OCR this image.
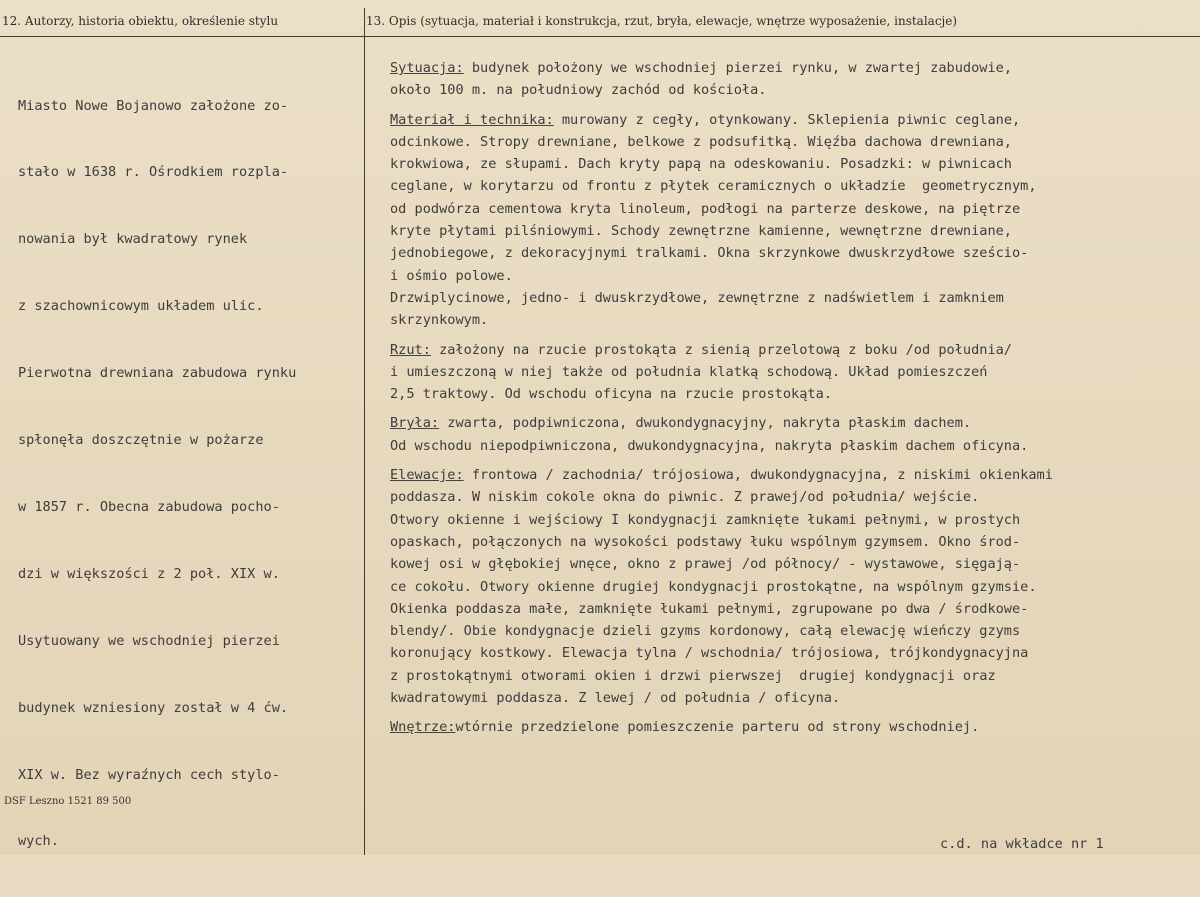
12. Autorzy, historia obiektu, określenie stylu	13. Opis (sytuacja, materiał i konstrukcja, rzut, bryła, elewacje, wnętrze wyposażenie, instalacje)

Miasto Nowe Bojanowo założone zo-

stało w 1638 r. Ośrodkiem rozpla-

nowania był kwadratowy rynek

z szachownicowym układem ulic.

Pierwotna drewniana zabudowa rynku

spłonęła doszczętnie w pożarze

w 1857 r. Obecna zabudowa pocho-

dzi w większości z 2 poł. XIX w.

Usytuowany we wschodniej pierzei

budynek wzniesiony został w 4 ćw.

XIX w. Bez wyraźnych cech stylo-

wych.

Sytuacja: budynek położony we wschodniej pierzei rynku, w zwartej zabudowie,
około 100 m. na południowy zachód od kościoła.
Materiał i technika: murowany z cegły, otynkowany. Sklepienia piwnic ceglane,
odcinkowe. Stropy drewniane, belkowe z podsufitką. Więźba dachowa drewniana,
krokwiowa, ze słupami. Dach kryty papą na odeskowaniu. Posadzki: w piwnicach
ceglane, w korytarzu od frontu z płytek ceramicznych o układzie  geometrycznym,
od podwórza cementowa kryta linoleum, podłogi na parterze deskowe, na piętrze
kryte płytami pilśniowymi. Schody zewnętrzne kamienne, wewnętrzne drewniane,
jednobiegowe, z dekoracyjnymi tralkami. Okna skrzynkowe dwuskrzydłowe sześcio-
i ośmio polowe.
Drzwiplycinowe, jedno- i dwuskrzydłowe, zewnętrzne z nadświetlem i zamkniem
skrzynkowym.
Rzut: założony na rzucie prostokąta z sienią przelotową z boku /od południa/
i umieszczoną w niej także od południa klatką schodową. Układ pomieszczeń
2,5 traktowy. Od wschodu oficyna na rzucie prostokąta.
Bryła: zwarta, podpiwniczona, dwukondygnacyjny, nakryta płaskim dachem.
Od wschodu niepodpiwniczona, dwukondygnacyjna, nakryta płaskim dachem oficyna.
Elewacje: frontowa / zachodnia/ trójosiowa, dwukondygnacyjna, z niskimi okienkami
poddasza. W niskim cokole okna do piwnic. Z prawej/od południa/ wejście.
Otwory okienne i wejściowy I kondygnacji zamknięte łukami pełnymi, w prostych
opaskach, połączonych na wysokości podstawy łuku wspólnym gzymsem. Okno środ-
kowej osi w głębokiej wnęce, okno z prawej /od północy/ - wystawowe, sięgają-
ce cokołu. Otwory okienne drugiej kondygnacji prostokątne, na wspólnym gzymsie.
Okienka poddasza małe, zamknięte łukami pełnymi, zgrupowane po dwa / środkowe-
blendy/. Obie kondygnacje dzieli gzyms kordonowy, całą elewację wieńczy gzyms
koronujący kostkowy. Elewacja tylna / wschodnia/ trójosiowa, trójkondygnacyjna
z prostokątnymi otworami okien i drzwi pierwszej  drugiej kondygnacji oraz
kwadratowymi poddasza. Z lewej / od południa / oficyna.
Wnętrze:wtórnie przedzielone pomieszczenie parteru od strony wschodniej.
DSF Leszno 1521 89 500
c.d. na wkładce nr 1
